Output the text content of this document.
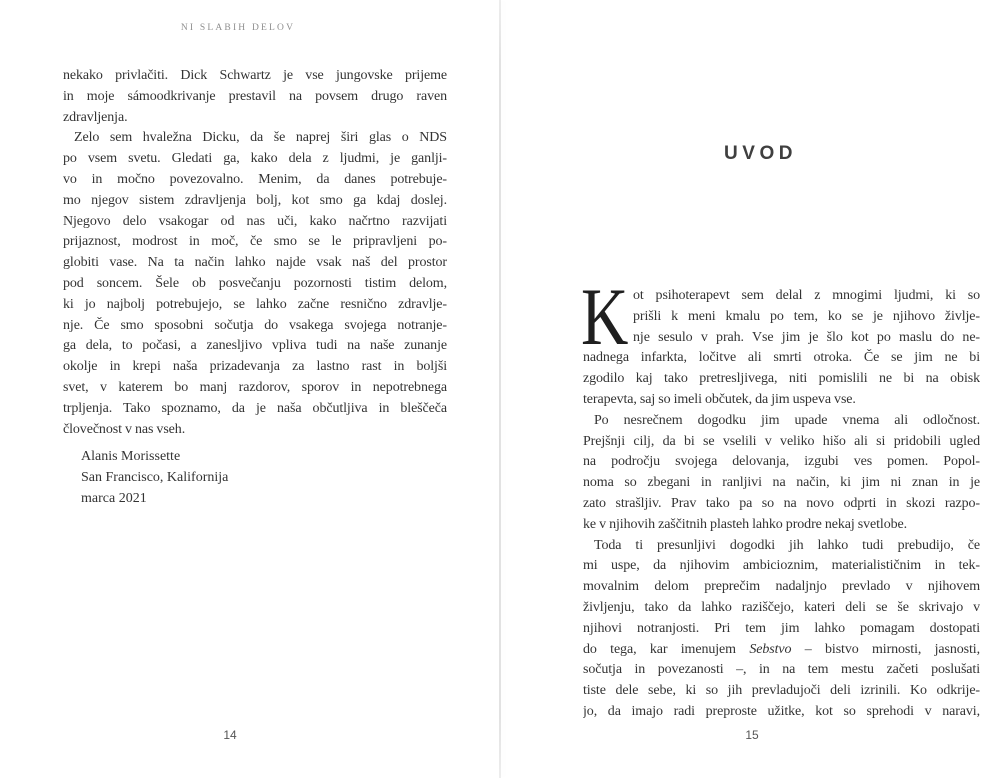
NI SLABIH DELOV
nekako privlačiti. Dick Schwartz je vse jungovske prijeme
in moje sámoodkrivanje prestavil na povsem drugo raven
zdravljenja.
Zelo sem hvaležna Dicku, da še naprej širi glas o NDS
po vsem svetu. Gledati ga, kako dela z ljudmi, je ganlji-
vo in močno povezovalno. Menim, da danes potrebuje-
mo njegov sistem zdravljenja bolj, kot smo ga kdaj doslej.
Njegovo delo vsakogar od nas uči, kako načrtno razvijati
prijaznost, modrost in moč, če smo se le pripravljeni po-
globiti vase. Na ta način lahko najde vsak naš del prostor
pod soncem. Šele ob posvečanju pozornosti tistim delom,
ki jo najbolj potrebujejo, se lahko začne resnično zdravlje-
nje. Če smo sposobni sočutja do vsakega svojega notranje-
ga dela, to počasi, a zanesljivo vpliva tudi na naše zunanje
okolje in krepi naša prizadevanja za lastno rast in boljši
svet, v katerem bo manj razdorov, sporov in nepotrebnega
trpljenja. Tako spoznamo, da je naša občutljiva in bleščeča
človečnost v nas vseh.
Alanis Morissette
San Francisco, Kalifornija
marca 2021
14
UVOD
K ot psihoterapevt sem delal z mnogimi ljudmi, ki so
prišli k meni kmalu po tem, ko se je njihovo življe-
nje sesulo v prah. Vse jim je šlo kot po maslu do ne-
nadnega infarkta, ločitve ali smrti otroka. Če se jim ne bi
zgodilo kaj tako pretresljivega, niti pomislili ne bi na obisk
terapevta, saj so imeli občutek, da jim uspeva vse.
Po nesrečnem dogodku jim upade vnema ali odločnost.
Prejšnji cilj, da bi se vselili v veliko hišo ali si pridobili ugled
na področju svojega delovanja, izgubi ves pomen. Popol-
noma so zbegani in ranljivi na način, ki jim ni znan in je
zato strašljiv. Prav tako pa so na novo odprti in skozi razpo-
ke v njihovih zaščitnih plasteh lahko prodre nekaj svetlobe.
Toda ti presunljivi dogodki jih lahko tudi prebudijo, če
mi uspe, da njihovim ambicioznim, materialističnim in tek-
movalnim delom preprečim nadaljnjo prevlado v njihovem
življenju, tako da lahko raziščejo, kateri deli se še skrivajo v
njihovi notranjosti. Pri tem jim lahko pomagam dostopati
do tega, kar imenujem Sebstvo – bistvo mirnosti, jasnosti,
sočutja in povezanosti –, in na tem mestu začeti poslušati
tiste dele sebe, ki so jih prevladujoči deli izrinili. Ko odkrije-
jo, da imajo radi preproste užitke, kot so sprehodi v naravi,
15
